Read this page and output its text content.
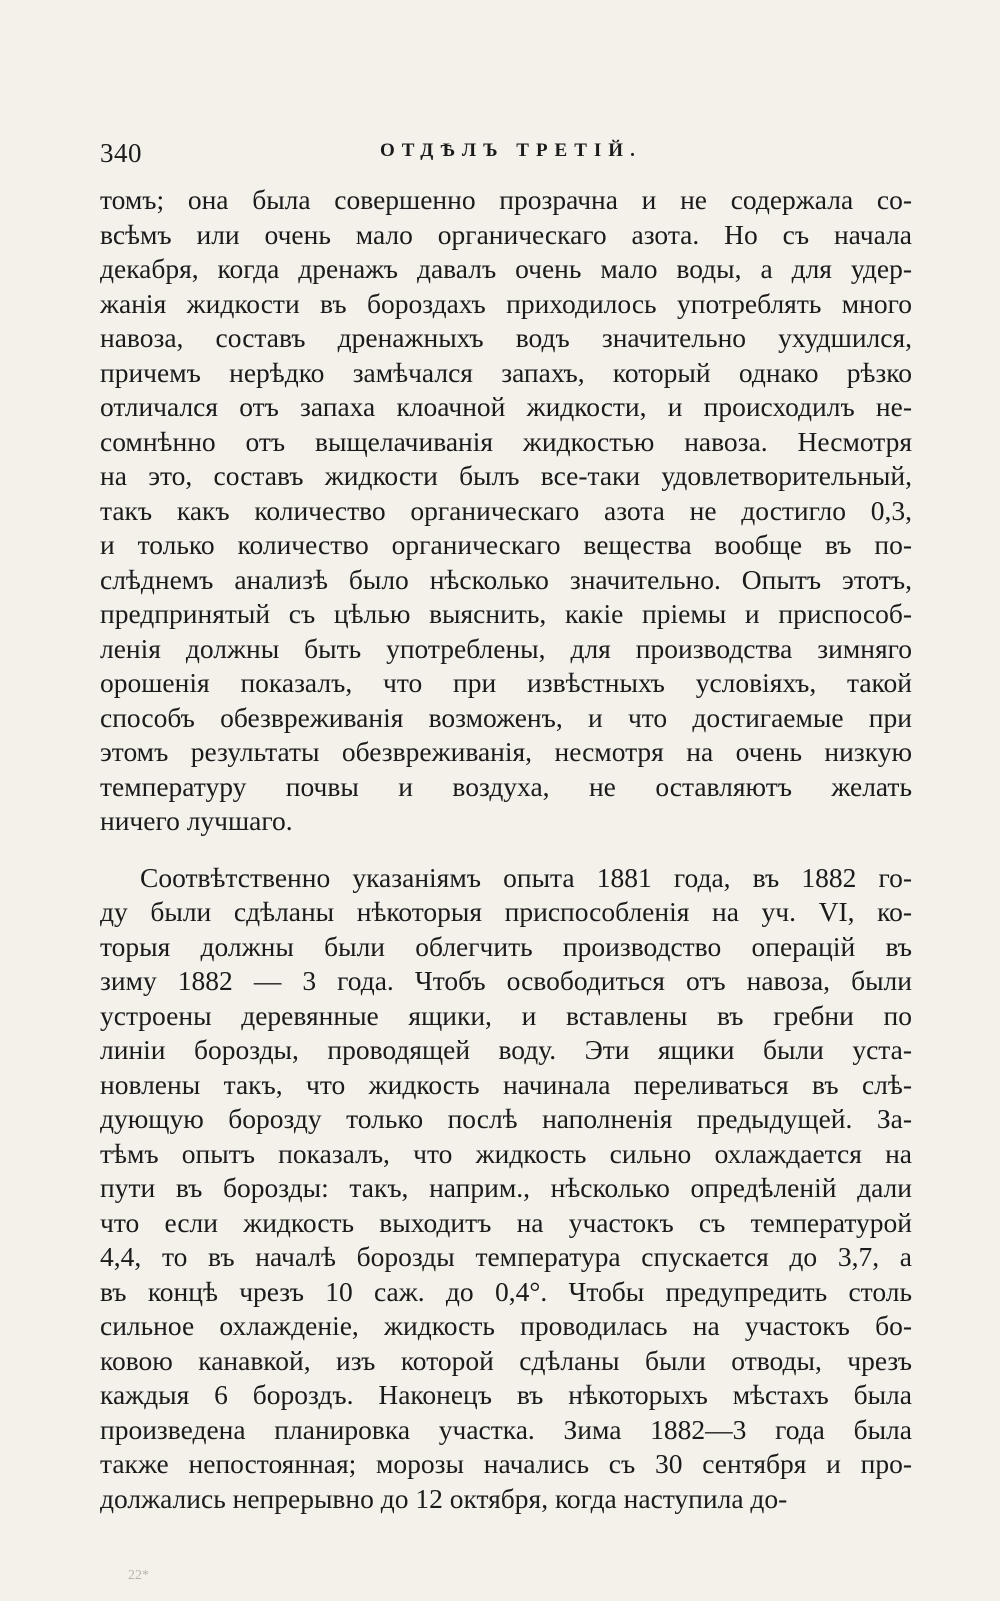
340	ОТДѢЛЪ ТРЕТІЙ.
томъ; она была совершенно прозрачна и не содержала со-
всѣмъ или очень мало органическаго азота. Но съ начала
декабря, когда дренажъ давалъ очень мало воды, а для удер-
жанія жидкости въ бороздахъ приходилось употреблять много
навоза, составъ дренажныхъ водъ значительно ухудшился,
причемъ нерѣдко замѣчался запахъ, который однако рѣзко
отличался отъ запаха клоачной жидкости, и происходилъ не-
сомнѣнно отъ выщелачиванія жидкостью навоза. Несмотря
на это, составъ жидкости былъ все-таки удовлетворительный,
такъ какъ количество органическаго азота не достигло 0,3,
и только количество органическаго вещества вообще въ по-
слѣднемъ анализѣ было нѣсколько значительно. Опытъ этотъ,
предпринятый съ цѣлью выяснить, какіе пріемы и приспособ-
ленія должны быть употреблены, для производства зимняго
орошенія показалъ, что при извѣстныхъ условіяхъ, такой
способъ обезвреживанія возможенъ, и что достигаемые при
этомъ результаты обезвреживанія, несмотря на очень низкую
температуру почвы и воздуха, не оставляютъ желать
ничего лучшаго.
Соотвѣтственно указаніямъ опыта 1881 года, въ 1882 го-
ду были сдѣланы нѣкоторыя приспособленія на уч. VI, ко-
торыя должны были облегчить производство операцій въ
зиму 1882 — 3 года. Чтобъ освободиться отъ навоза, были
устроены деревянные ящики, и вставлены въ гребни по
линіи борозды, проводящей воду. Эти ящики были уста-
новлены такъ, что жидкость начинала переливаться въ слѣ-
дующую борозду только послѣ наполненія предыдущей. За-
тѣмъ опытъ показалъ, что жидкость сильно охлаждается на
пути въ борозды: такъ, наприм., нѣсколько опредѣленій дали
что если жидкость выходитъ на участокъ съ температурой
4,4, то въ началѣ борозды температура спускается до 3,7, а
въ концѣ чрезъ 10 саж. до 0,4°. Чтобы предупредить столь
сильное охлажденіе, жидкость проводилась на участокъ бо-
ковою канавкой, изъ которой сдѣланы были отводы, чрезъ
каждыя 6 бороздъ. Наконецъ въ нѣкоторыхъ мѣстахъ была
произведена планировка участка. Зима 1882—3 года была
также непостоянная; морозы начались съ 30 сентября и про-
должались непрерывно до 12 октября, когда наступила до-
22*
